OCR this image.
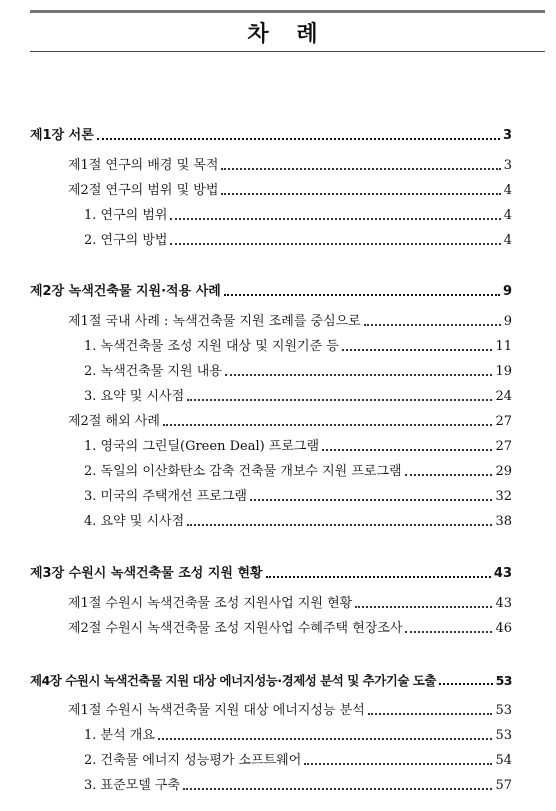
차 례
제1장 서론	3
제1절 연구의 배경 및 목적	3
제2절 연구의 범위 및 방법	4
1. 연구의 범위	4
2. 연구의 방법	4
제2장 녹색건축물 지원·적용 사례	9
제1절 국내 사례 : 녹색건축물 지원 조례를 중심으로	9
1. 녹색건축물 조성 지원 대상 및 지원기준 등	11
2. 녹색건축물 지원 내용	19
3. 요약 및 시사점	24
제2절 해외 사례	27
1. 영국의 그린딜(Green Deal) 프로그램	27
2. 독일의 이산화탄소 감축 건축물 개보수 지원 프로그램	29
3. 미국의 주택개선 프로그램	32
4. 요약 및 시사점	38
제3장 수원시 녹색건축물 조성 지원 현황	43
제1절 수원시 녹색건축물 조성 지원사업 지원 현황	43
제2절 수원시 녹색건축물 조성 지원사업 수혜주택 현장조사	46
제4장 수원시 녹색건축물 지원 대상 에너지성능·경제성 분석 및 추가기술 도출	53
제1절 수원시 녹색건축물 지원 대상 에너지성능 분석	53
1. 분석 개요	53
2. 건축물 에너지 성능평가 소프트웨어	54
3. 표준모델 구축	57
